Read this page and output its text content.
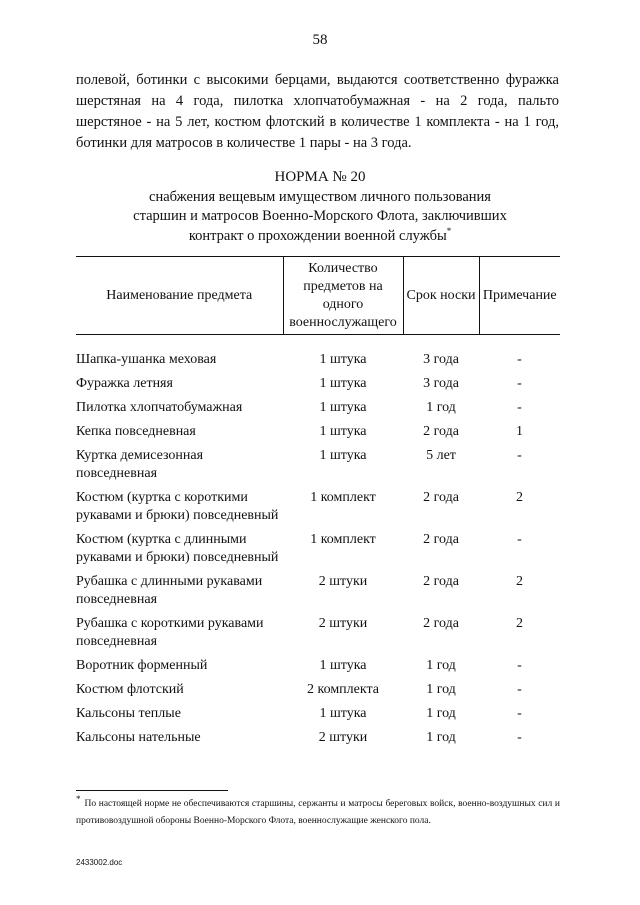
58

полевой, ботинки с высокими берцами, выдаются соответственно фуражка

шерстяная на 4 года, пилотка хлопчатобумажная - на 2 года, пальто шерстяное - на 5 лет, костюм флотский в количестве 1 комплекта - на 1 год, ботинки для матросов в количестве 1 пары - на 3 года.

НОРМА № 20
снабжения вещевым имуществом личного пользования
старшин и матросов Военно-Морского Флота, заключивших
контракт о прохождении военной службы*
Наименование предмета	Количество предметов на одного военнослужащего	Срок носки	Примечание

Шапка-ушанка меховая	1 штука	3 года	-
Фуражка летняя	1 штука	3 года	-
Пилотка хлопчатобумажная	1 штука	1 год	-
Кепка повседневная	1 штука	2 года	1
Куртка демисезонная повседневная	1 штука	5 лет	-
Костюм (куртка с короткими рукавами и брюки) повседневный	1 комплект	2 года	2
Костюм (куртка с длинными рукавами и брюки) повседневный	1 комплект	2 года	-
Рубашка с длинными рукавами повседневная	2 штуки	2 года	2
Рубашка с короткими рукавами повседневная	2 штуки	2 года	2
Воротник форменный	1 штука	1 год	-
Костюм флотский	2 комплекта	1 год	-
Кальсоны теплые	1 штука	1 год	-
Кальсоны нательные	2 штуки	1 год	-
*По настоящей норме не обеспечиваются старшины, сержанты и матросы береговых войск, военно-воздушных сил и противовоздушной обороны Военно-Морского Флота, военнослужащие женского пола.
2433002.doc
